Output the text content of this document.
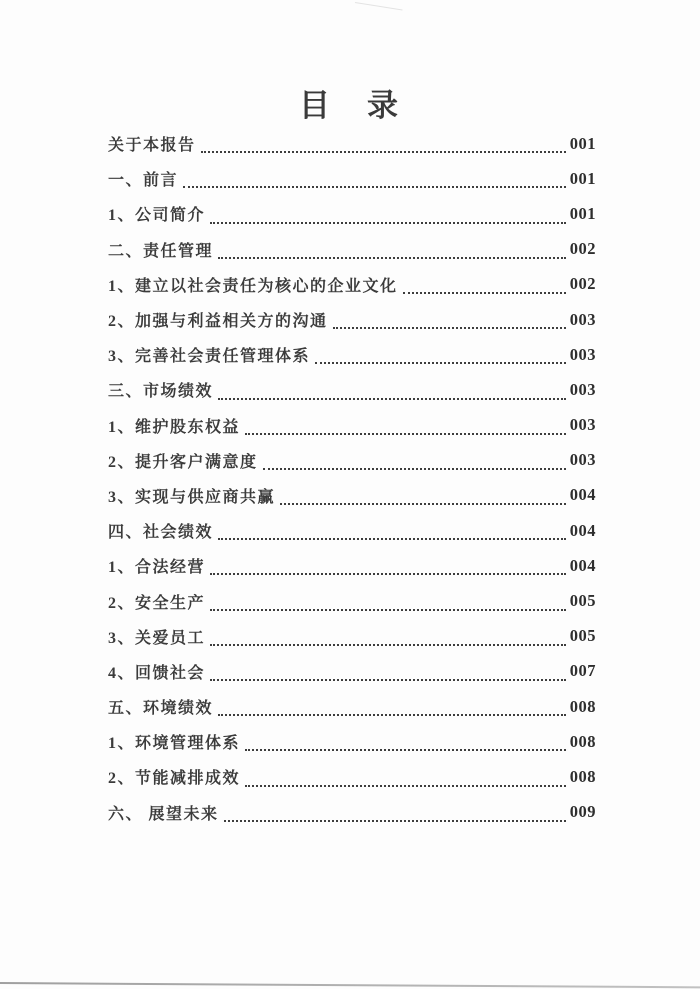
目　录
关于本报告	001
一、前言	001
1、公司简介	001
二、责任管理	002
1、建立以社会责任为核心的企业文化	002
2、加强与利益相关方的沟通	003
3、完善社会责任管理体系	003
三、市场绩效	003
1、维护股东权益	003
2、提升客户满意度	003
3、实现与供应商共赢	004
四、社会绩效	004
1、合法经营	004
2、安全生产	005
3、关爱员工	005
4、回馈社会	007
五、环境绩效	008
1、环境管理体系	008
2、节能减排成效	008
六、 展望未来	009
